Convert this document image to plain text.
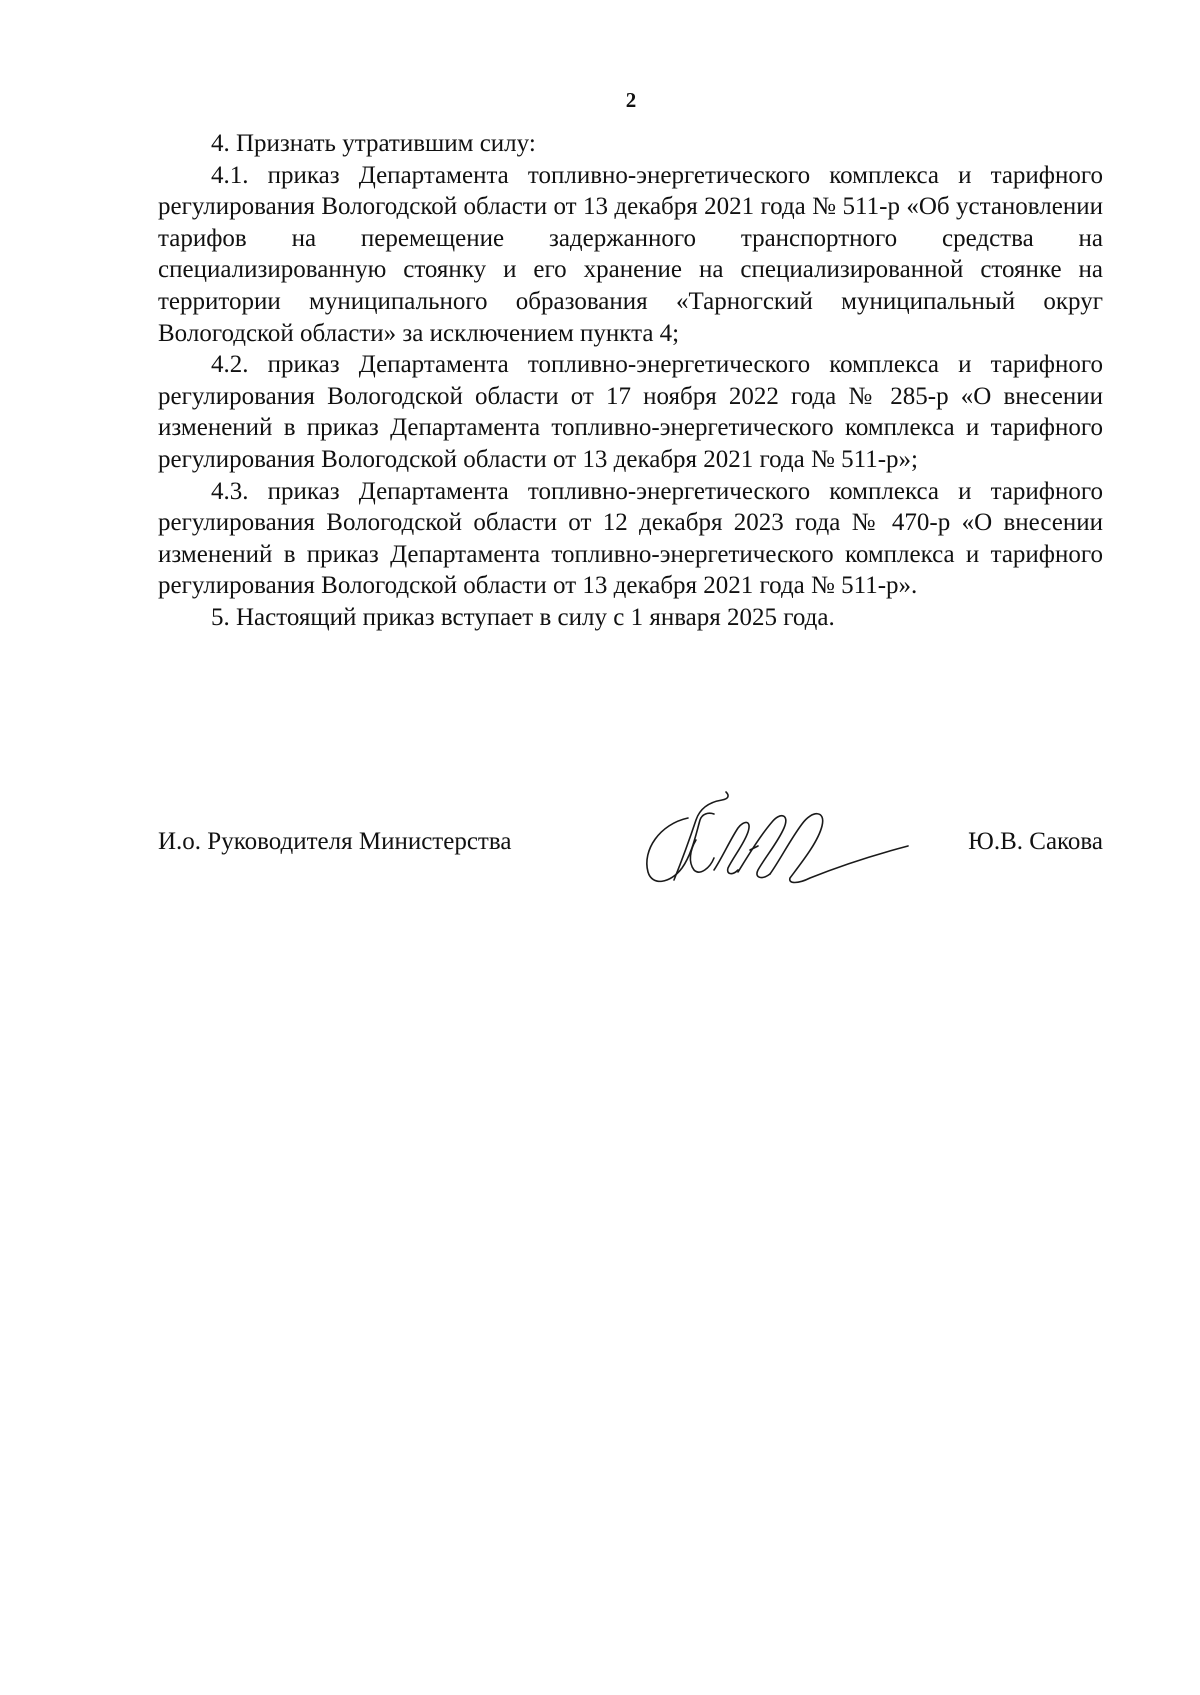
2

4. Признать утратившим силу:

4.1. приказ Департамента топливно-энергетического комплекса и тарифного регулирования Вологодской области от 13 декабря 2021 года № 511-р «Об установлении тарифов на перемещение задержанного транспортного средства на специализированную стоянку и его хранение на специализированной стоянке на территории муниципального образования «Тарногский муниципальный округ Вологодской области» за исключением пункта 4;

4.2. приказ Департамента топливно-энергетического комплекса и тарифного регулирования Вологодской области от 17 ноября 2022 года № 285-р «О внесении изменений в приказ Департамента топливно-энергетического комплекса и тарифного регулирования Вологодской области от 13 декабря 2021 года № 511-р»;

4.3. приказ Департамента топливно-энергетического комплекса и тарифного регулирования Вологодской области от 12 декабря 2023 года № 470-р «О внесении изменений в приказ Департамента топливно-энергетического комплекса и тарифного регулирования Вологодской области от 13 декабря 2021 года № 511-р».

5. Настоящий приказ вступает в силу с 1 января 2025 года.

И.о. Руководителя Министерства	Ю.В. Сакова
